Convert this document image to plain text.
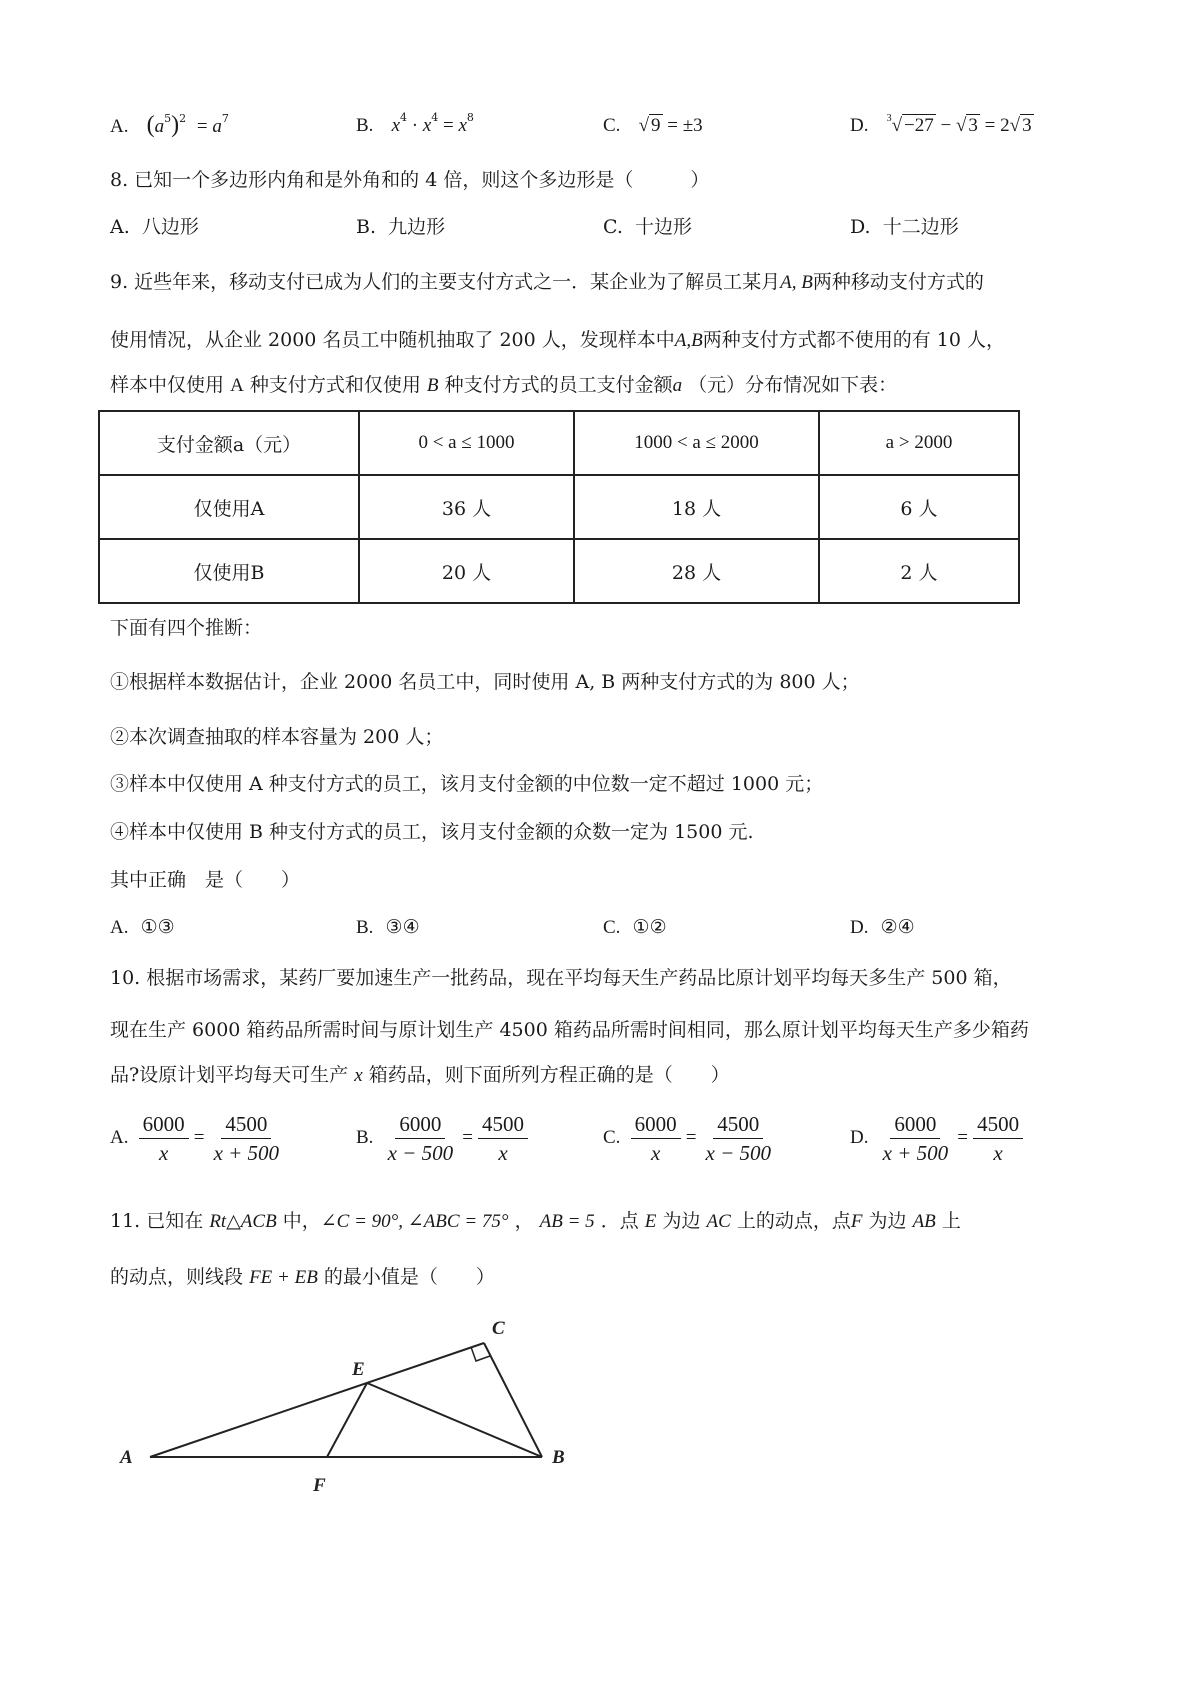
A. $(a^5)^2 = a^7$	B. $x^4 \cdot x^4 = x^8$	C. √ 9 = ±3	D. $^3$√ −27 − √ 3 = 2√ 3
8. 已知一个多边形内角和是外角和的 4 倍，则这个多边形是（　　　）
A. 八边形	B. 九边形	C. 十边形	D. 十二边形
9. 近些年来，移动支付已成为人们的主要支付方式之一．某企业为了解员工某月A, B两种移动支付方式的
使用情况，从企业 2000 名员工中随机抽取了 200 人，发现样本中A,B两种支付方式都不使用的有 10 人，
样本中仅使用 A 种支付方式和仅使用 B 种支付方式的员工支付金额a （元）分布情况如下表：
支付金额a（元）	0 < a ≤ 1000	1000 < a ≤ 2000	a > 2000
仅使用A	36 人	18 人	6 人
仅使用B	20 人	28 人	2 人
下面有四个推断：
①根据样本数据估计，企业 2000 名员工中，同时使用 A, B 两种支付方式的为 800 人；
②本次调查抽取的样本容量为 200 人；
③样本中仅使用 A 种支付方式的员工，该月支付金额的中位数一定不超过 1000 元；
④样本中仅使用 B 种支付方式的员工，该月支付金额的众数一定为 1500 元.
其中正确　是（　　）
A. ①③	B. ③④	C. ①②	D. ②④
10. 根据市场需求，某药厂要加速生产一批药品，现在平均每天生产药品比原计划平均每天多生产 500 箱，
现在生产 6000 箱药品所需时间与原计划生产 4500 箱药品所需时间相同，那么原计划平均每天生产多少箱药
品?设原计划平均每天可生产 x 箱药品，则下面所列方程正确的是（　　）
A. $\frac{6000}{x} = \frac{4500}{x + 500}$	B. $\frac{6000}{x - 500} = \frac{4500}{x}$	C. $\frac{6000}{x} = \frac{4500}{x - 500}$	D. $\frac{6000}{x + 500} = \frac{4500}{x}$
11. 已知在 Rt△ACB 中，∠C = 90°, ∠ABC = 75° ， AB = 5 ．点 E 为边 AC 上的动点，点F 为边 AB 上
的动点，则线段 FE + EB 的最小值是（　　）
C
E
A	B
F
